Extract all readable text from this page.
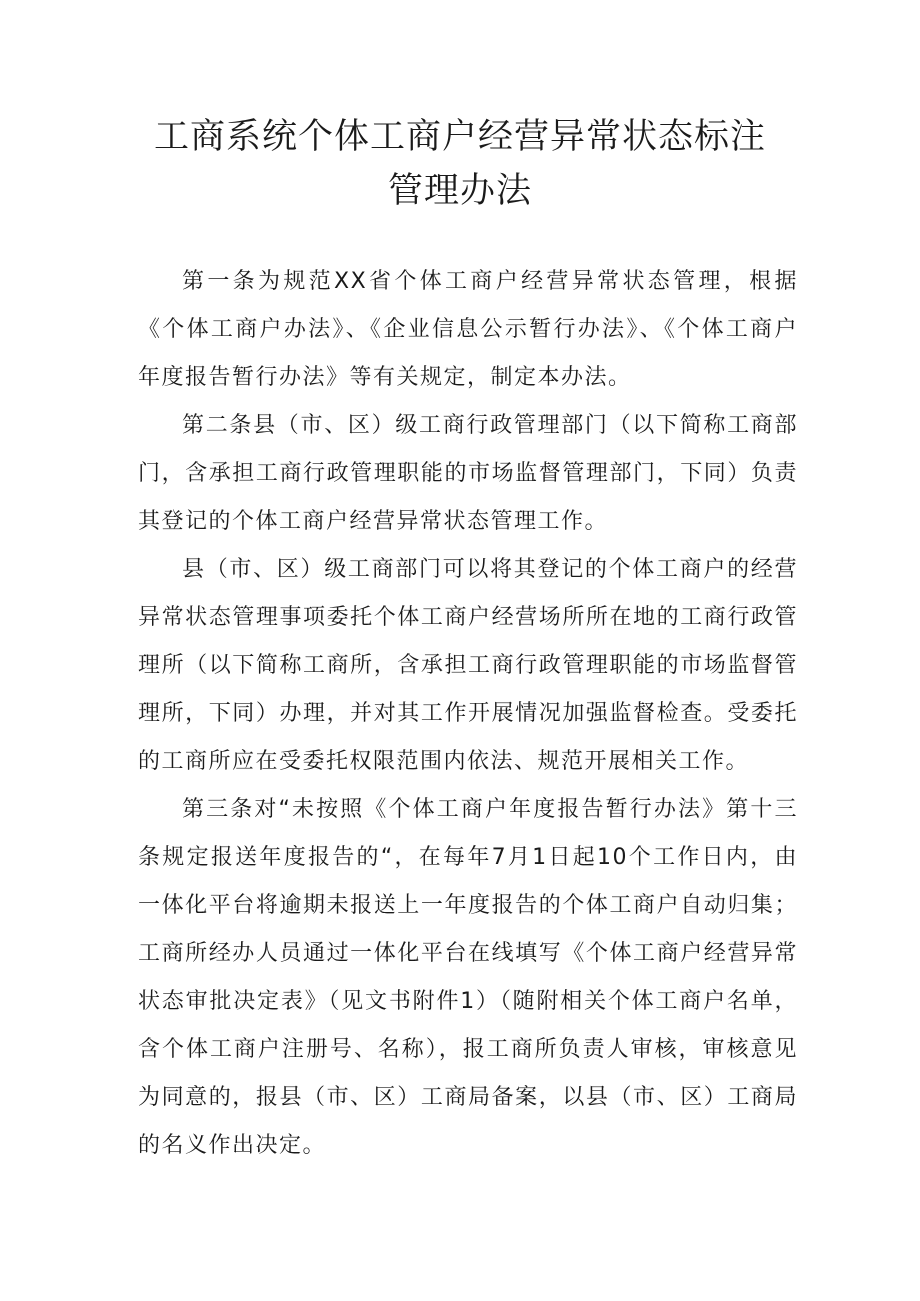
工商系统个体工商户经营异常状态标注管理办法

第一条为规范XX省个体工商户经营异常状态管理，根据《个体工商户办法》、《企业信息公示暂行办法》、《个体工商户年度报告暂行办法》等有关规定，制定本办法。

第二条县（市、区）级工商行政管理部门（以下简称工商部门，含承担工商行政管理职能的市场监督管理部门，下同）负责其登记的个体工商户经营异常状态管理工作。

县（市、区）级工商部门可以将其登记的个体工商户的经营异常状态管理事项委托个体工商户经营场所所在地的工商行政管理所（以下简称工商所，含承担工商行政管理职能的市场监督管理所，下同）办理，并对其工作开展情况加强监督检查。受委托的工商所应在受委托权限范围内依法、规范开展相关工作。

第三条对“未按照《个体工商户年度报告暂行办法》第十三条规定报送年度报告的“，在每年7月1日起10个工作日内，由一体化平台将逾期未报送上一年度报告的个体工商户自动归集；工商所经办人员通过一体化平台在线填写《个体工商户经营异常状态审批决定表》（见文书附件1）（随附相关个体工商户名单，含个体工商户注册号、名称），报工商所负责人审核，审核意见为同意的，报县（市、区）工商局备案，以县（市、区）工商局的名义作出决定。
